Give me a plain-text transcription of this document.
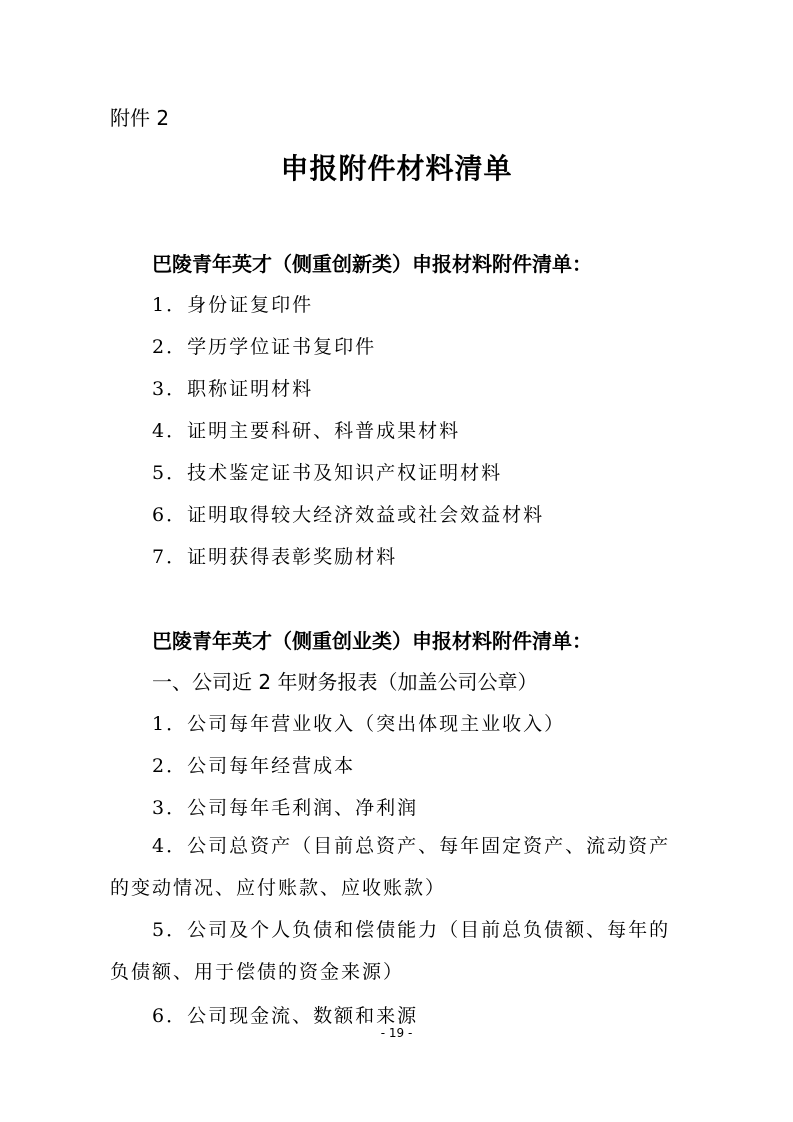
附件 2
申报附件材料清单
巴陵青年英才（侧重创新类）申报材料附件清单：
1．身份证复印件
2．学历学位证书复印件
3．职称证明材料
4．证明主要科研、科普成果材料
5．技术鉴定证书及知识产权证明材料
6．证明取得较大经济效益或社会效益材料
7．证明获得表彰奖励材料
巴陵青年英才（侧重创业类）申报材料附件清单：
一、公司近 2 年财务报表（加盖公司公章）
1．公司每年营业收入（突出体现主业收入）
2．公司每年经营成本
3．公司每年毛利润、净利润
4．公司总资产（目前总资产、每年固定资产、流动资产的变动情况、应付账款、应收账款）
5．公司及个人负债和偿债能力（目前总负债额、每年的负债额、用于偿债的资金来源）
6．公司现金流、数额和来源
- 19 -
